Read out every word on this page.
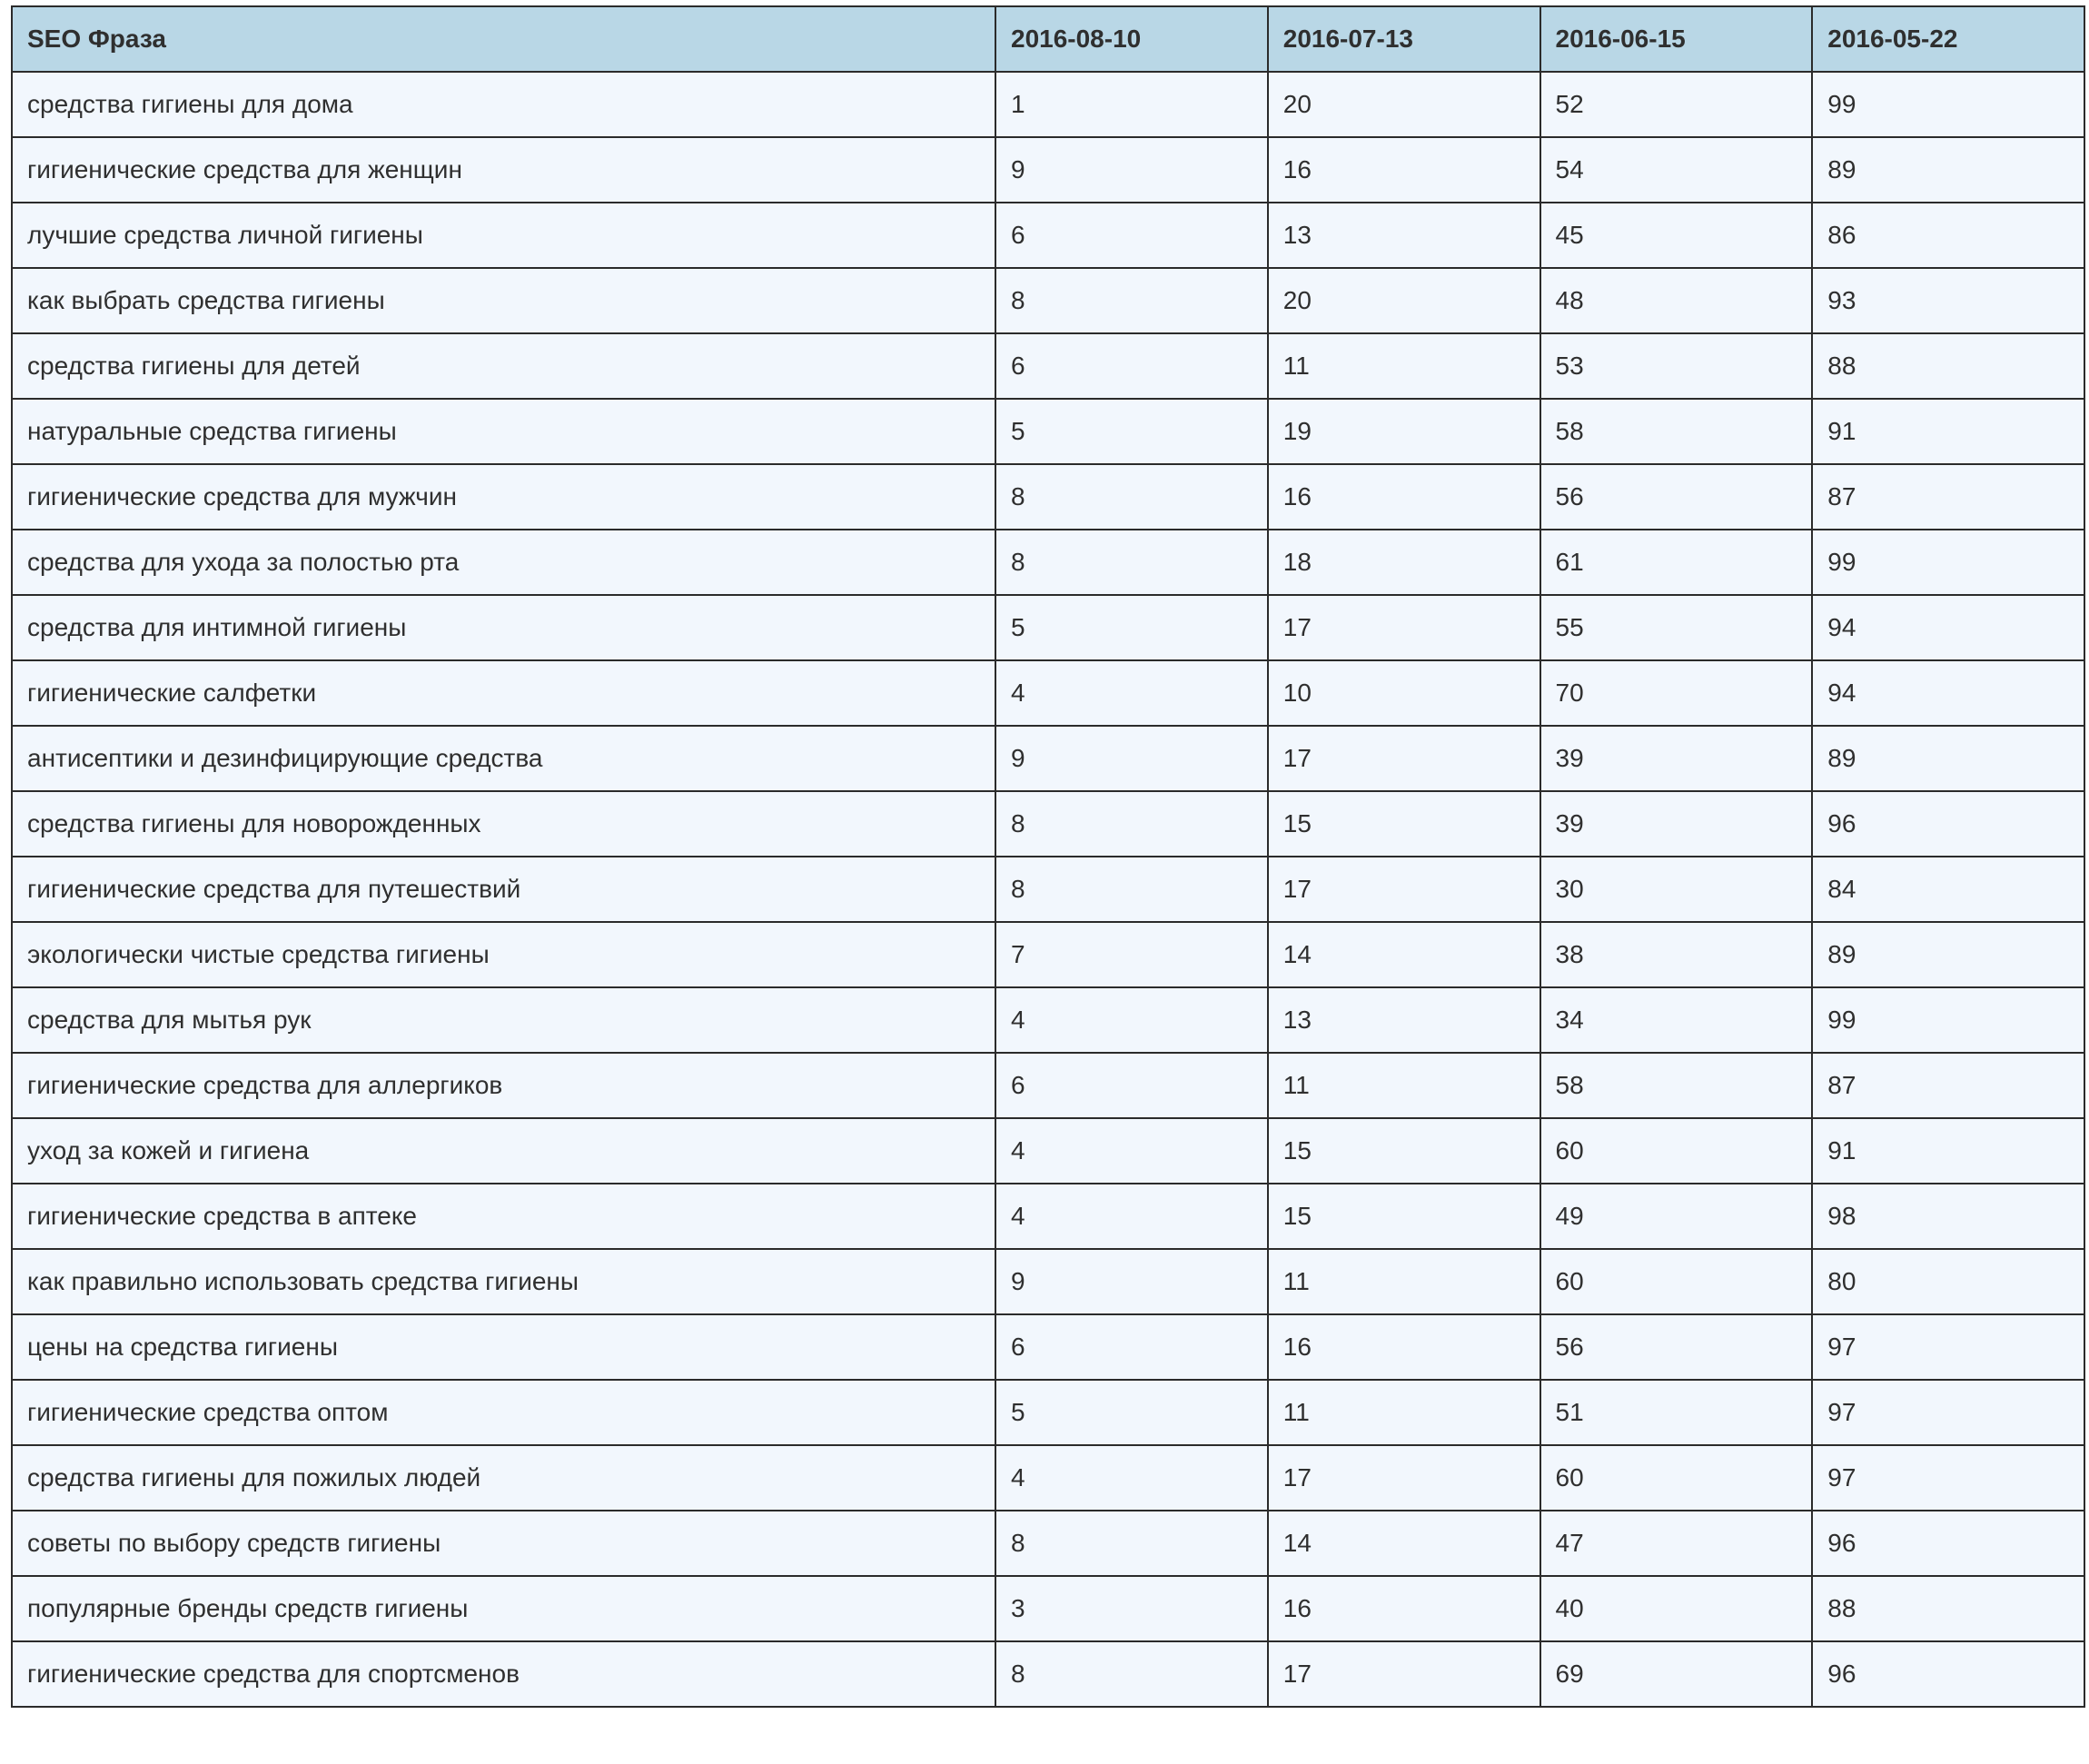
SEO Фраза	2016-08-10	2016-07-13	2016-06-15	2016-05-22
средства гигиены для дома	1	20	52	99
гигиенические средства для женщин	9	16	54	89
лучшие средства личной гигиены	6	13	45	86
как выбрать средства гигиены	8	20	48	93
средства гигиены для детей	6	11	53	88
натуральные средства гигиены	5	19	58	91
гигиенические средства для мужчин	8	16	56	87
средства для ухода за полостью рта	8	18	61	99
средства для интимной гигиены	5	17	55	94
гигиенические салфетки	4	10	70	94
антисептики и дезинфицирующие средства	9	17	39	89
средства гигиены для новорожденных	8	15	39	96
гигиенические средства для путешествий	8	17	30	84
экологически чистые средства гигиены	7	14	38	89
средства для мытья рук	4	13	34	99
гигиенические средства для аллергиков	6	11	58	87
уход за кожей и гигиена	4	15	60	91
гигиенические средства в аптеке	4	15	49	98
как правильно использовать средства гигиены	9	11	60	80
цены на средства гигиены	6	16	56	97
гигиенические средства оптом	5	11	51	97
средства гигиены для пожилых людей	4	17	60	97
советы по выбору средств гигиены	8	14	47	96
популярные бренды средств гигиены	3	16	40	88
гигиенические средства для спортсменов	8	17	69	96
